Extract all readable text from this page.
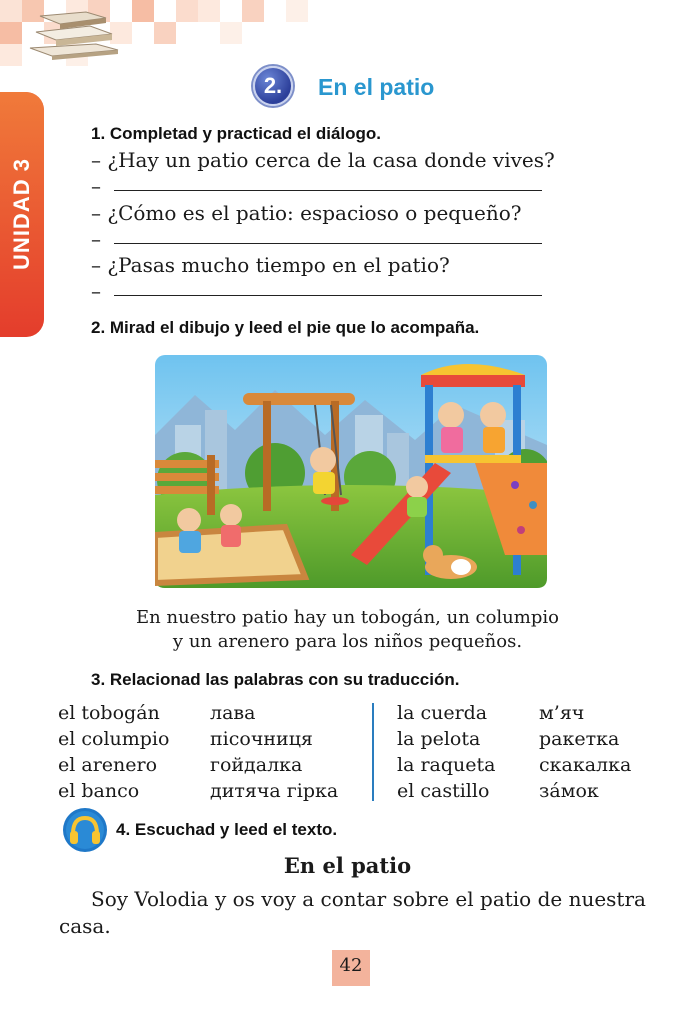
UNIDAD 3
2.	En el patio
1. Completad y practicad el diálogo.
– ¿Hay un patio cerca de la casa donde vives?
–
– ¿Cómo es el patio: espacioso o pequeño?
–
– ¿Pasas mucho tiempo en el patio?
–
2. Mirad el dibujo y leed el pie que lo acompaña.
En nuestro patio hay un tobogán, un columpio
y un arenero para los niños pequeños.
3. Relacionad las palabras con su traducción.
el tobogán
el columpio
el arenero
el banco
лава
пісочниця
гойдалка
дитяча гірка
la cuerda
la pelota
la raqueta
el castillo
м’яч
ракетка
скакалка
зáмок
4. Escuchad y leed el texto.
En el patio
Soy Volodia y os voy a contar sobre el patio de nuestra
casa.
42
